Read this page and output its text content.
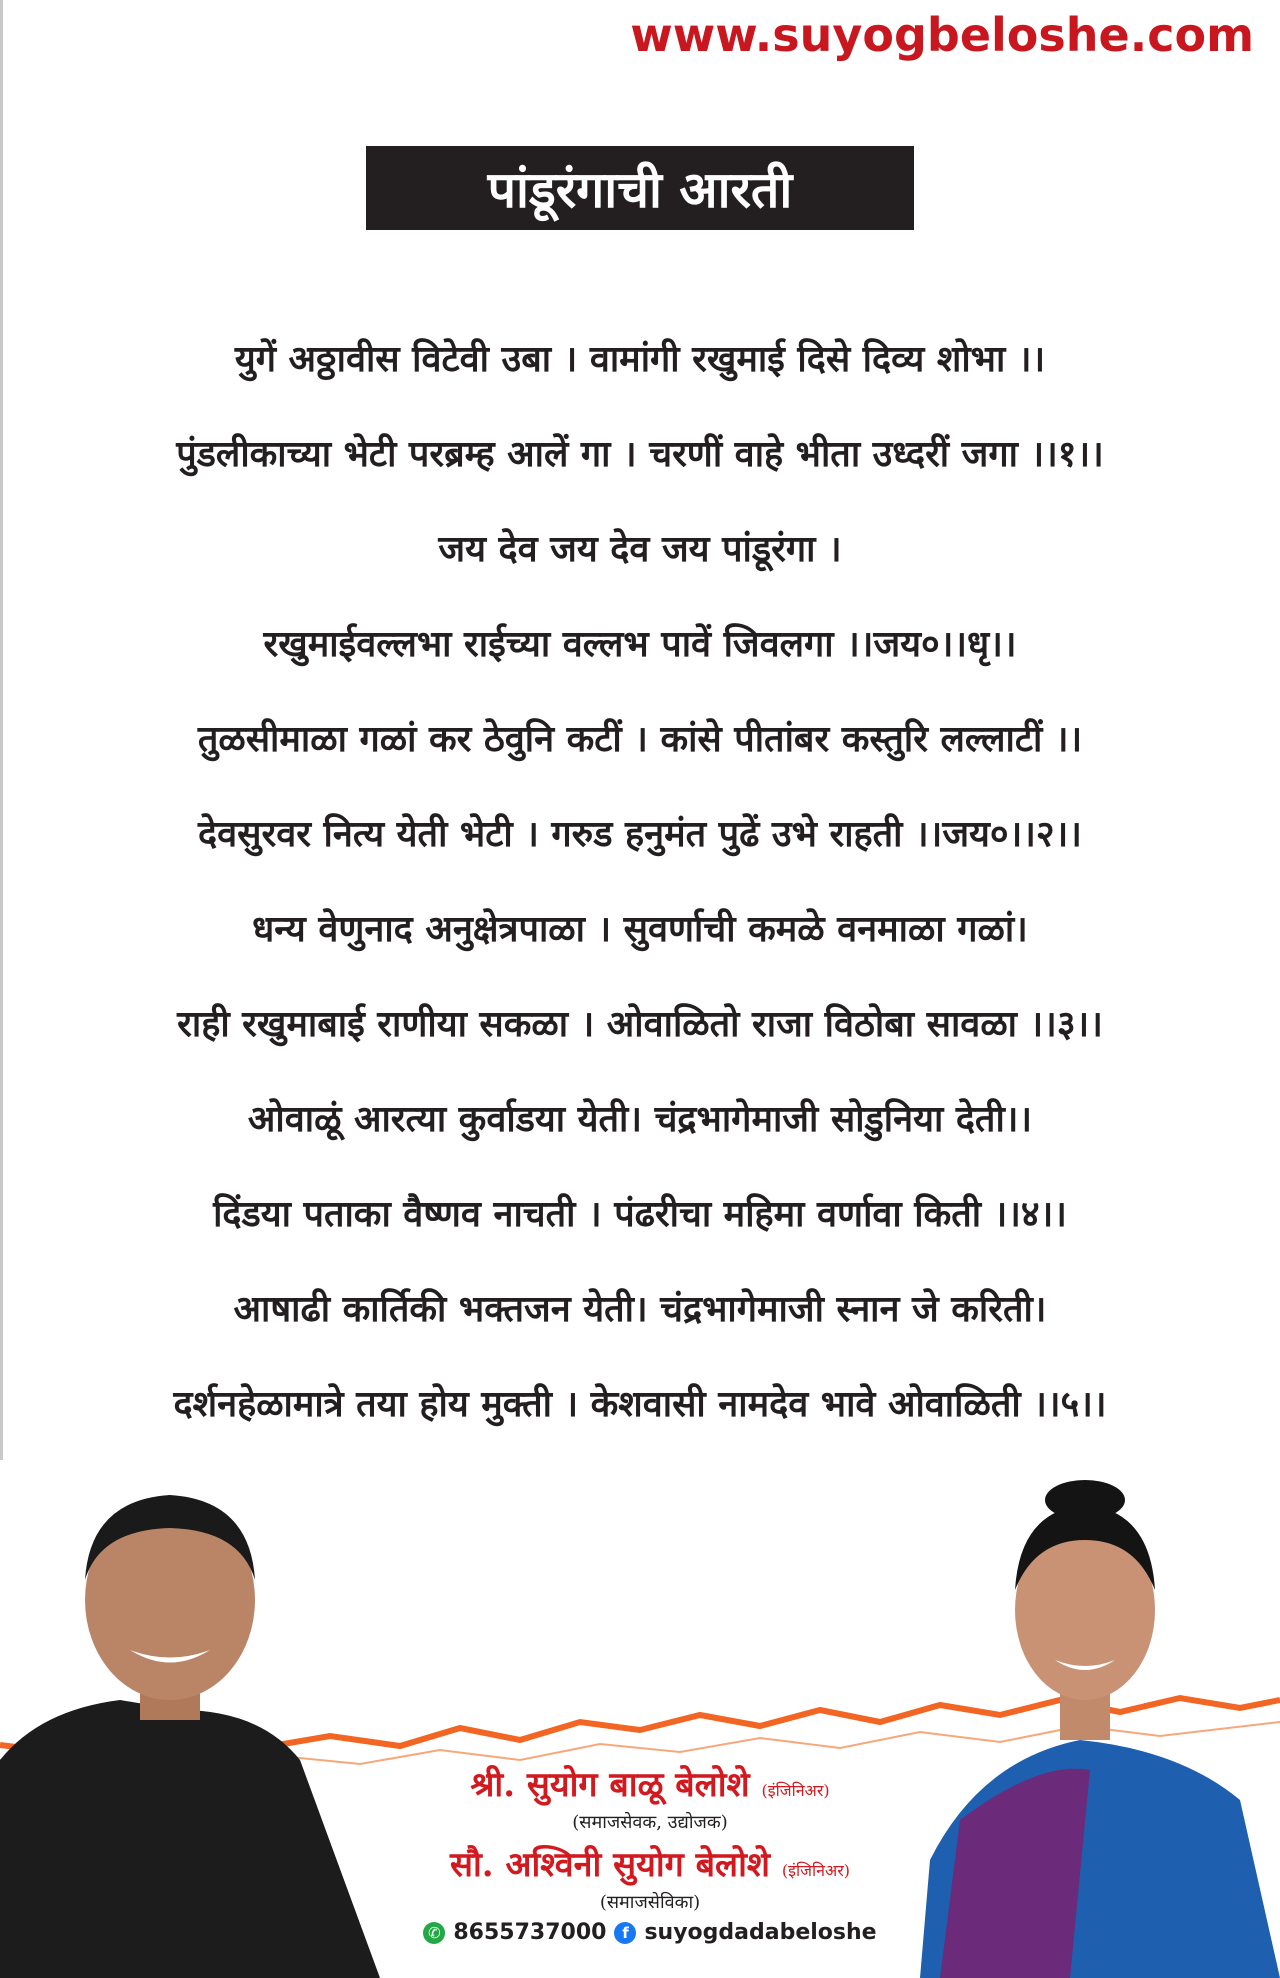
www.suyogbeloshe.com
पांडूरंगाची आरती
युगें अठ्ठावीस विटेवी उबा । वामांगी रखुमाई दिसे दिव्य शोभा ।।
पुंडलीकाच्या भेटी परब्रम्ह आलें गा । चरणीं वाहे भीता उध्दरीं जगा ।।१।।
जय देव जय देव जय पांडूरंगा ।
रखुमाईवल्लभा राईच्या वल्लभ पावें जिवलगा ।।जय०।।धृ।।
तुळसीमाळा गळां कर ठेवुनि कटीं । कांसे पीतांबर कस्तुरि लल्लाटीं ।।
देवसुरवर नित्य येती भेटी । गरुड हनुमंत पुढें उभे राहती ।।जय०।।२।।
धन्य वेणुनाद अनुक्षेत्रपाळा । सुवर्णाची कमळे वनमाळा गळां।
राही रखुमाबाई राणीया सकळा । ओवाळितो राजा विठोबा सावळा ।।३।।
ओवाळूं आरत्या कुर्वाडया येती। चंद्रभागेमाजी सोडुनिया देती।।
दिंडया पताका वैष्णव नाचती । पंढरीचा महिमा वर्णावा किती ।।४।।
आषाढी कार्तिकी भक्तजन येती। चंद्रभागेमाजी स्नान जे करिती।
दर्शनहेळामात्रे तया होय मुक्ती । केशवासी नामदेव भावे ओवाळिती ।।५।।
श्री. सुयोग बाळू बेलोशे (इंजिनिअर)
(समाजसेवक, उद्योजक)
सौ. अश्विनी सुयोग बेलोशे (इंजिनिअर)
(समाजसेविका)
✆ 8655737000	f suyogdadabeloshe
